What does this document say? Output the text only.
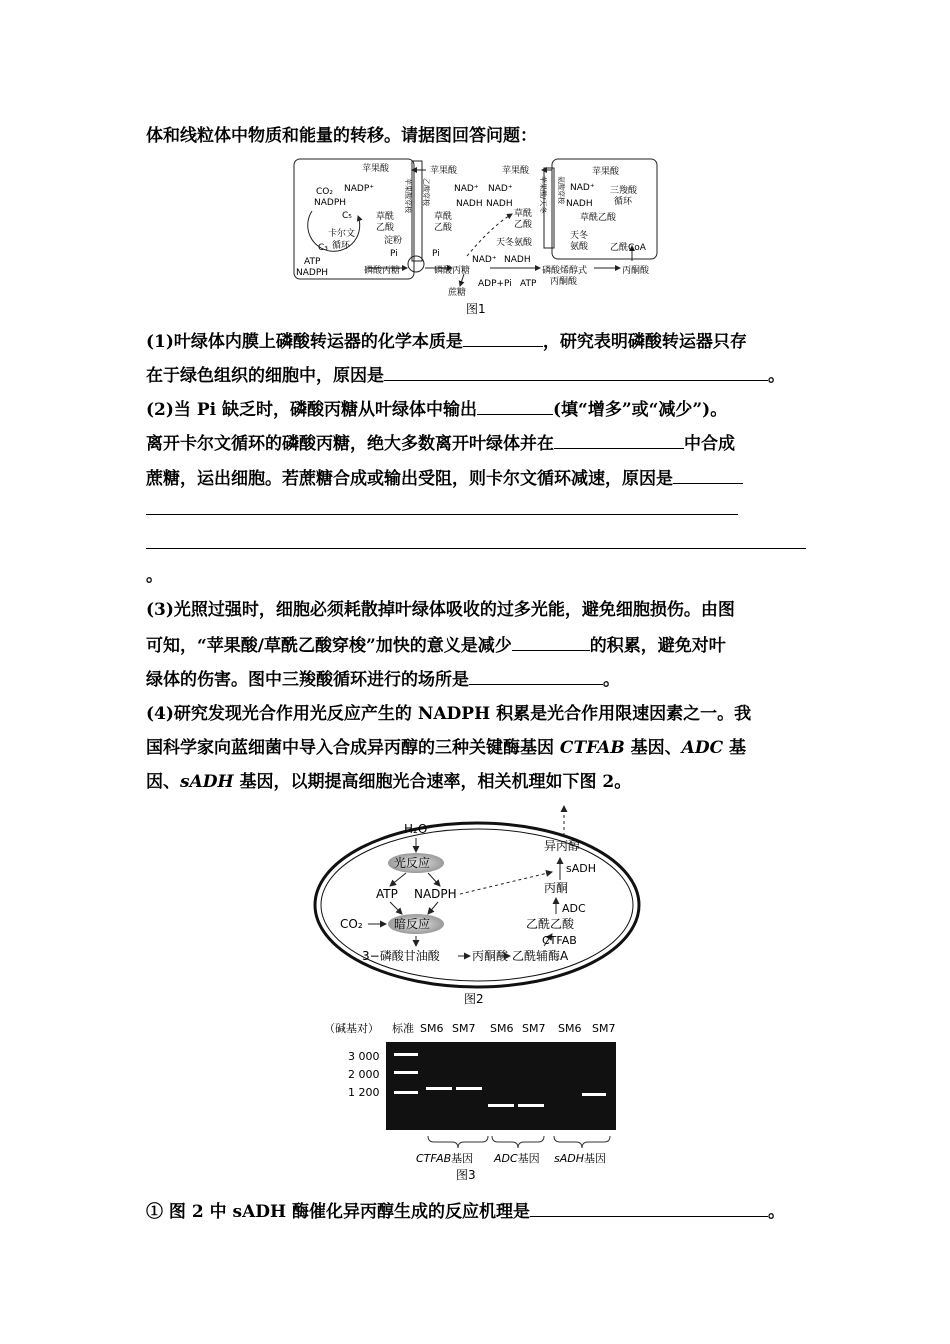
体和线粒体中物质和能量的转移。请据图回答问题：
苹果酸
NADP⁺
NADPH
CO₂
C₅
卡尔文
循环
C₃
ATP
NADPH
草酰
乙酸
淀粉
Pi
磷酸丙糖
苹果酸穿梭 乙酸穿梭
苹果酸
NAD⁺
NADH
草酰
乙酸
Pi
磷酸丙糖
蔗糖
苹果酸
NAD⁺
NADH
草酰
乙酸
天冬氨酸
苹果酸/天冬 氨酸穿梭
NAD⁺ NADH
ADP+Pi ATP
磷酸烯醇式
丙酮酸
丙酮酸
苹果酸
NAD⁺
NADH
三羧酸
循环
草酰乙酸
天冬
氨酸 乙酰CoA
图1
(1)叶绿体内膜上磷酸转运器的化学本质是	，研究表明磷酸转运器只存
在于绿色组织的细胞中，原因是	。
(2)当 Pi 缺乏时，磷酸丙糖从叶绿体中输出	(填“增多”或“减少”)。
离开卡尔文循环的磷酸丙糖，绝大多数离开叶绿体并在	中合成
蔗糖，运出细胞。若蔗糖合成或输出受阻，则卡尔文循环减速，原因是
。
(3)光照过强时，细胞必须耗散掉叶绿体吸收的过多光能，避免细胞损伤。由图
可知，“苹果酸/草酰乙酸穿梭”加快的意义是减少	的积累，避免对叶
绿体的伤害。图中三羧酸循环进行的场所是	。
(4)研究发现光合作用光反应产生的 NADPH 积累是光合作用限速因素之一。我
国科学家向蓝细菌中导入合成异丙醇的三种关键酶基因 CTFAB 基因、ADC 基
因、sADH 基因，以期提高细胞光合速率，相关机理如下图 2。
H₂O
光反应
ATP NADPH
CO₂	暗反应
3−磷酸甘油酸	丙酮酸 乙酰辅酶A
CTFAB
乙酰乙酸
ADC
丙酮
sADH
异丙醇
图2
（碱基对） 标准 SM6 SM7 SM6 SM7 SM6 SM7
3 000
2 000
1 200
CTFAB基因 ADC基因 sADH基因
图3
① 图 2 中 sADH 酶催化异丙醇生成的反应机理是	。
